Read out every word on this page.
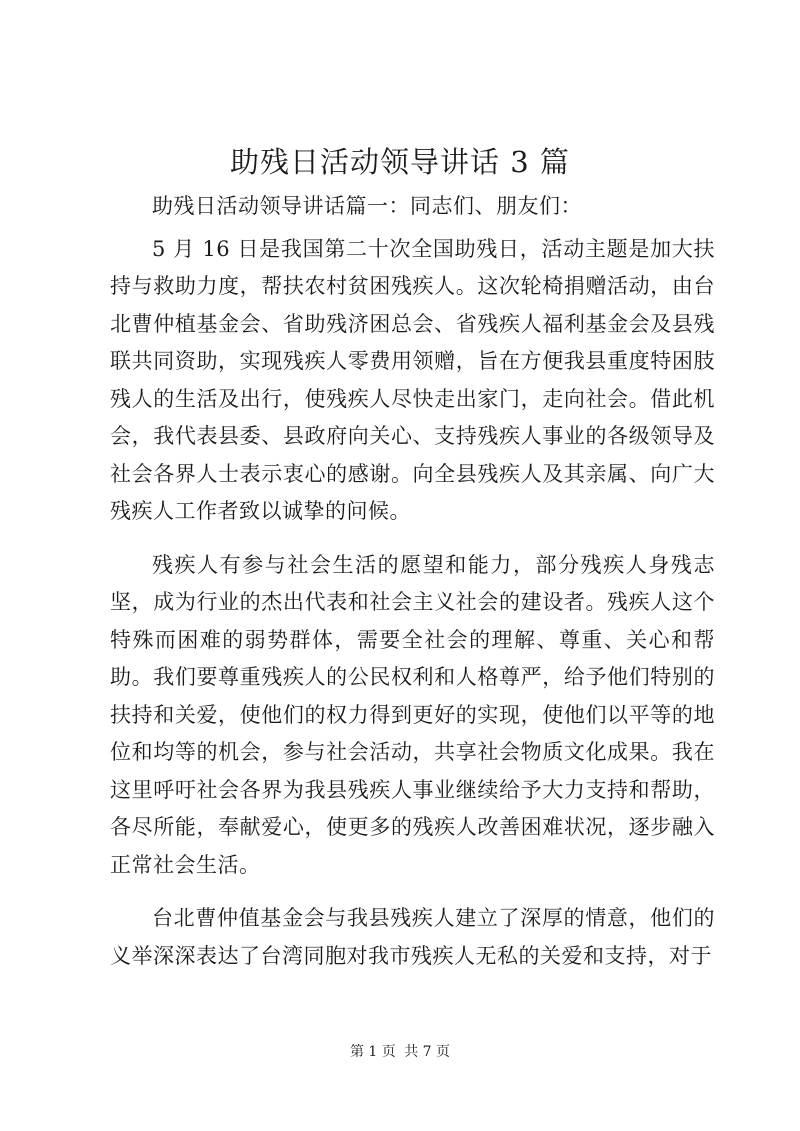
助残日活动领导讲话 3 篇

助残日活动领导讲话篇一：同志们、朋友们：

5 月 16 日是我国第二十次全国助残日，活动主题是加大扶持与救助力度，帮扶农村贫困残疾人。这次轮椅捐赠活动，由台北曹仲植基金会、省助残济困总会、省残疾人福利基金会及县残联共同资助，实现残疾人零费用领赠，旨在方便我县重度特困肢残人的生活及出行，使残疾人尽快走出家门，走向社会。借此机会，我代表县委、县政府向关心、支持残疾人事业的各级领导及社会各界人士表示衷心的感谢。向全县残疾人及其亲属、向广大残疾人工作者致以诚挚的问候。

残疾人有参与社会生活的愿望和能力，部分残疾人身残志坚，成为行业的杰出代表和社会主义社会的建设者。残疾人这个特殊而困难的弱势群体，需要全社会的理解、尊重、关心和帮助。我们要尊重残疾人的公民权利和人格尊严，给予他们特别的扶持和关爱，使他们的权力得到更好的实现，使他们以平等的地位和均等的机会，参与社会活动，共享社会物质文化成果。我在这里呼吁社会各界为我县残疾人事业继续给予大力支持和帮助，各尽所能，奉献爱心，使更多的残疾人改善困难状况，逐步融入正常社会生活。

台北曹仲值基金会与我县残疾人建立了深厚的情意，他们的义举深深表达了台湾同胞对我市残疾人无私的关爱和支持，对于

第 1 页 共 7 页
